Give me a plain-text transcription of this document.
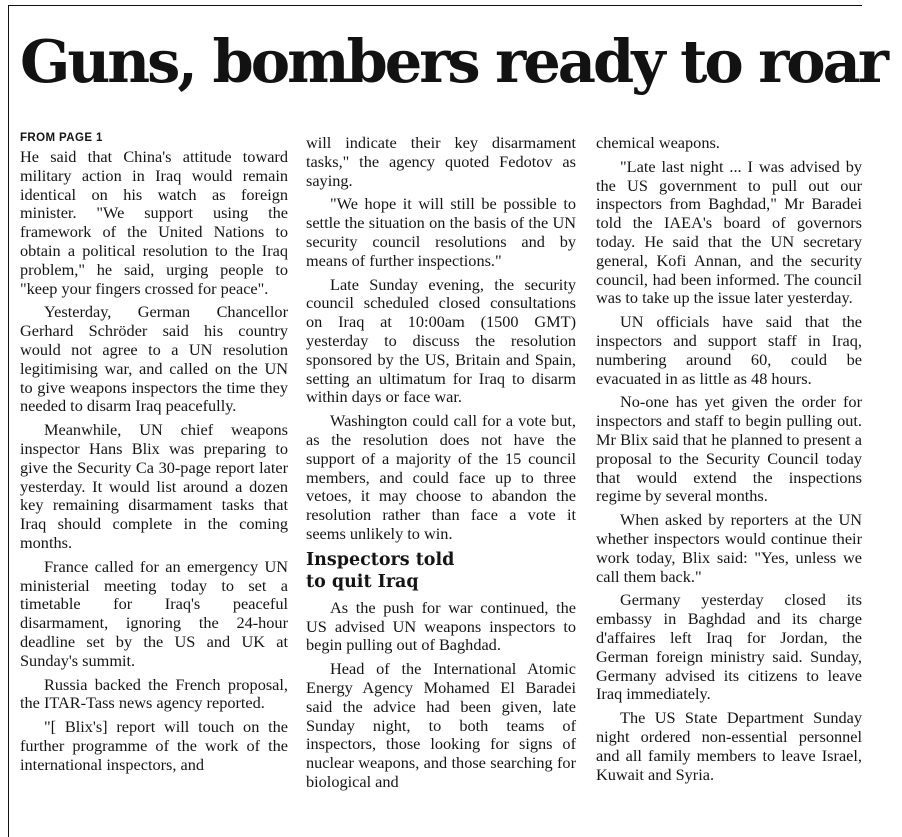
Guns, bombers ready to roar
FROM PAGE 1

He said that China's attitude toward military action in Iraq would remain identical on his watch as foreign minister. "We support using the framework of the United Nations to obtain a political resolution to the Iraq problem," he said, urging people to "keep your fingers crossed for peace".

Yesterday, German Chancellor Gerhard Schröder said his country would not agree to a UN resolution legitimising war, and called on the UN to give weapons inspectors the time they needed to disarm Iraq peacefully.

Meanwhile, UN chief weapons inspector Hans Blix was preparing to give the Security Ca 30-page report later yesterday. It would list around a dozen key remaining disarmament tasks that Iraq should complete in the coming months.

France called for an emergency UN ministerial meeting today to set a timetable for Iraq's peaceful disarmament, ignoring the 24-hour deadline set by the US and UK at Sunday's summit.

Russia backed the French proposal, the ITAR-Tass news agency reported.

"[ Blix's] report will touch on the further programme of the work of the international inspectors, and

will indicate their key disarmament tasks," the agency quoted Fedotov as saying.

"We hope it will still be possible to settle the situation on the basis of the UN security council resolutions and by means of further inspections."

Late Sunday evening, the security council scheduled closed consultations on Iraq at 10:00am (1500 GMT) yesterday to discuss the resolution sponsored by the US, Britain and Spain, setting an ultimatum for Iraq to disarm within days or face war.

Washington could call for a vote but, as the resolution does not have the support of a majority of the 15 council members, and could face up to three vetoes, it may choose to abandon the resolution rather than face a vote it seems unlikely to win.

Inspectors told
to quit Iraq

As the push for war continued, the US advised UN weapons inspectors to begin pulling out of Baghdad.

Head of the International Atomic Energy Agency Mohamed El Baradei said the advice had been given, late Sunday night, to both teams of inspectors, those looking for signs of nuclear weapons, and those searching for biological and

chemical weapons.

"Late last night ... I was advised by the US government to pull out our inspectors from Baghdad," Mr Baradei told the IAEA's board of governors today. He said that the UN secretary general, Kofi Annan, and the security council, had been informed. The council was to take up the issue later yesterday.

UN officials have said that the inspectors and support staff in Iraq, numbering around 60, could be evacuated in as little as 48 hours.

No-one has yet given the order for inspectors and staff to begin pulling out. Mr Blix said that he planned to present a proposal to the Security Council today that would extend the inspections regime by several months.

When asked by reporters at the UN whether inspectors would continue their work today, Blix said: "Yes, unless we call them back."

Germany yesterday closed its embassy in Baghdad and its charge d'affaires left Iraq for Jordan, the German foreign ministry said. Sunday, Germany advised its citizens to leave Iraq immediately.

The US State Department Sunday night ordered non-essential personnel and all family members to leave Israel, Kuwait and Syria.
